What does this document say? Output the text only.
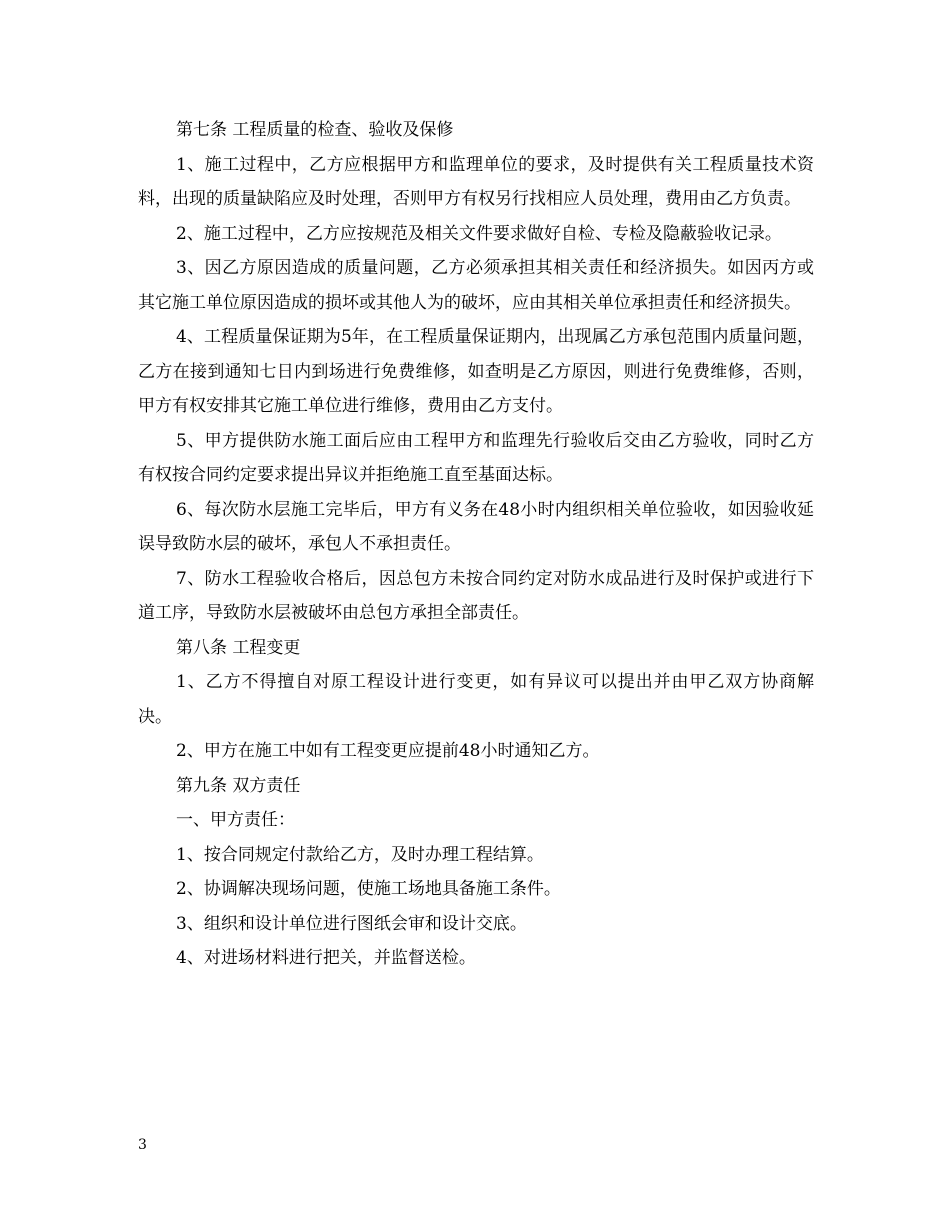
第七条 工程质量的检查、验收及保修

1、施工过程中，乙方应根据甲方和监理单位的要求，及时提供有关工程质量技术资料，出现的质量缺陷应及时处理，否则甲方有权另行找相应人员处理，费用由乙方负责。

2、施工过程中，乙方应按规范及相关文件要求做好自检、专检及隐蔽验收记录。

3、因乙方原因造成的质量问题，乙方必须承担其相关责任和经济损失。如因丙方或其它施工单位原因造成的损坏或其他人为的破坏，应由其相关单位承担责任和经济损失。

4、工程质量保证期为5年，在工程质量保证期内，出现属乙方承包范围内质量问题，乙方在接到通知七日内到场进行免费维修，如查明是乙方原因，则进行免费维修，否则，甲方有权安排其它施工单位进行维修，费用由乙方支付。

5、甲方提供防水施工面后应由工程甲方和监理先行验收后交由乙方验收，同时乙方有权按合同约定要求提出异议并拒绝施工直至基面达标。

6、每次防水层施工完毕后，甲方有义务在48小时内组织相关单位验收，如因验收延误导致防水层的破坏，承包人不承担责任。

7、防水工程验收合格后，因总包方未按合同约定对防水成品进行及时保护或进行下道工序，导致防水层被破坏由总包方承担全部责任。

第八条 工程变更

1、乙方不得擅自对原工程设计进行变更，如有异议可以提出并由甲乙双方协商解决。

2、甲方在施工中如有工程变更应提前48小时通知乙方。

第九条 双方责任

一、甲方责任：

1、按合同规定付款给乙方，及时办理工程结算。

2、协调解决现场问题，使施工场地具备施工条件。

3、组织和设计单位进行图纸会审和设计交底。

4、对进场材料进行把关，并监督送检。

3
